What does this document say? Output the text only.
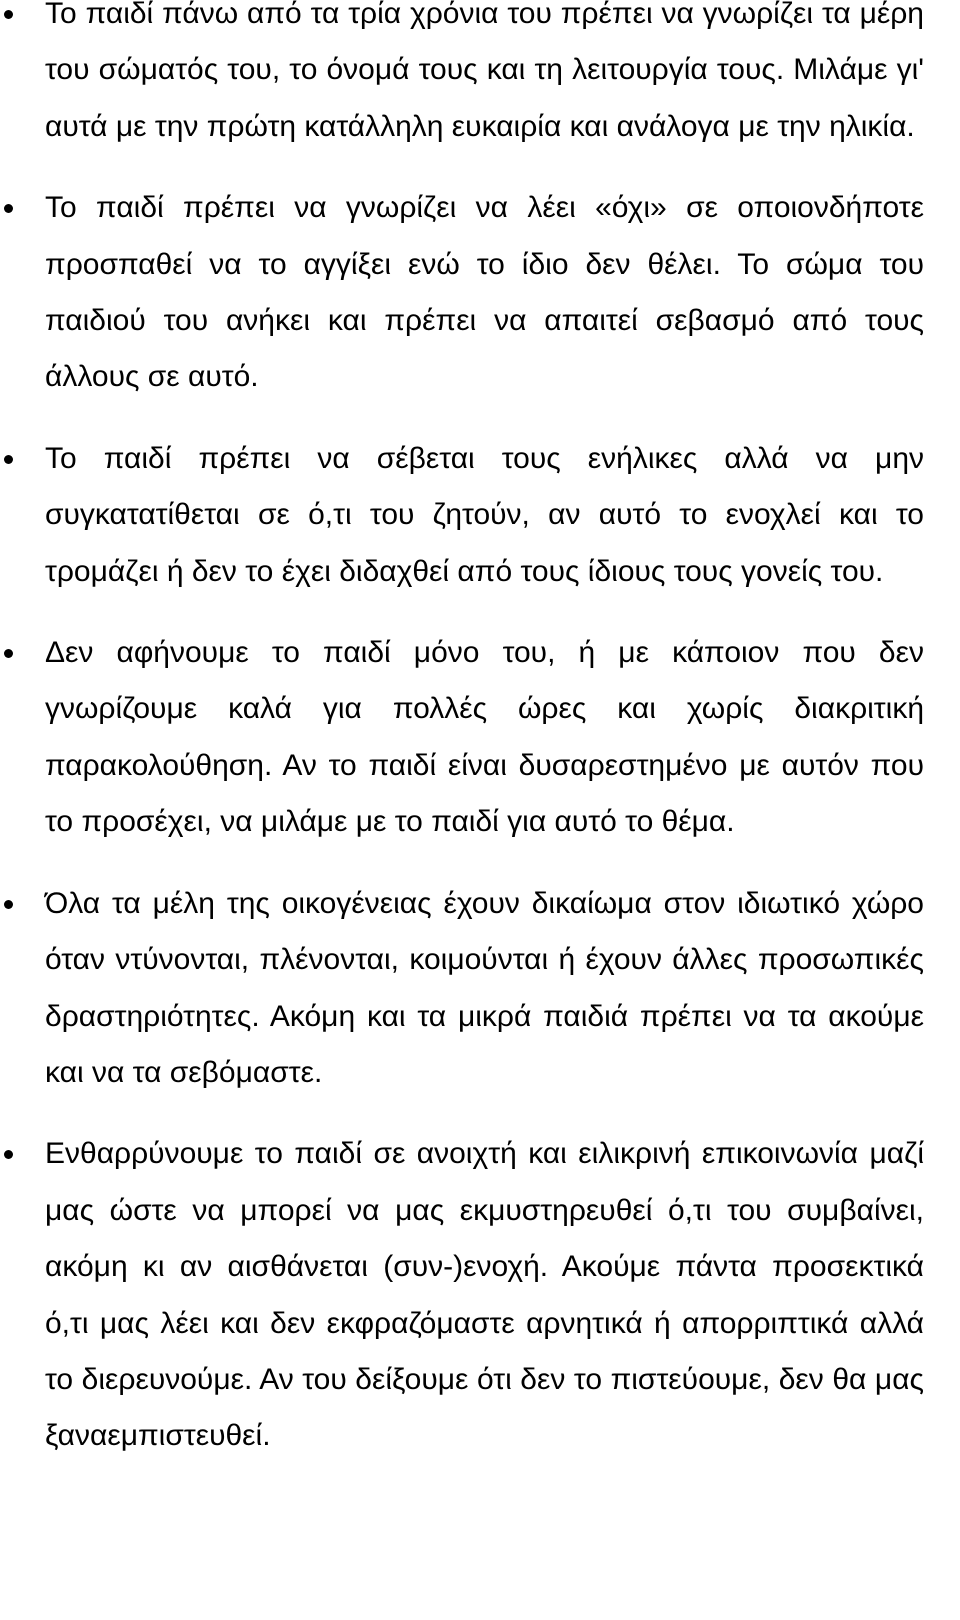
Το παιδί πάνω από τα τρία χρόνια του πρέπει να γνωρίζει τα μέρη του σώματός του, το όνομά τους και τη λειτουργία τους. Μιλάμε γι' αυτά με την πρώτη κατάλληλη ευκαιρία και ανάλογα με την ηλικία.
Το παιδί πρέπει να γνωρίζει να λέει «όχι» σε οποιονδήποτε προσπαθεί να το αγγίξει ενώ το ίδιο δεν θέλει. Το σώμα του παιδιού του ανήκει και πρέπει να απαιτεί σεβασμό από τους άλλους σε αυτό.
Το παιδί πρέπει να σέβεται τους ενήλικες αλλά να μην συγκατατίθεται σε ό,τι του ζητούν, αν αυτό το ενοχλεί και το τρομάζει ή δεν το έχει διδαχθεί από τους ίδιους τους γονείς του.
Δεν αφήνουμε το παιδί μόνο του, ή με κάποιον που δεν γνωρίζουμε καλά για πολλές ώρες και χωρίς διακριτική παρακολούθηση. Αν το παιδί είναι δυσαρεστημένο με αυτόν που το προσέχει, να μιλάμε με το παιδί για αυτό το θέμα.
Όλα τα μέλη της οικογένειας έχουν δικαίωμα στον ιδιωτικό χώρο όταν ντύνονται, πλένονται, κοιμούνται ή έχουν άλλες προσωπικές δραστηριότητες. Ακόμη και τα μικρά παιδιά πρέπει να τα ακούμε και να τα σεβόμαστε.
Ενθαρρύνουμε το παιδί σε ανοιχτή και ειλικρινή επικοινωνία μαζί μας ώστε να μπορεί να μας εκμυστηρευθεί ό,τι του συμβαίνει, ακόμη κι αν αισθάνεται (συν-)ενοχή. Ακούμε πάντα προσεκτικά ό,τι μας λέει και δεν εκφραζόμαστε αρνητικά ή απορριπτικά αλλά το διερευνούμε. Αν του δείξουμε ότι δεν το πιστεύουμε, δεν θα μας ξαναεμπιστευθεί.
